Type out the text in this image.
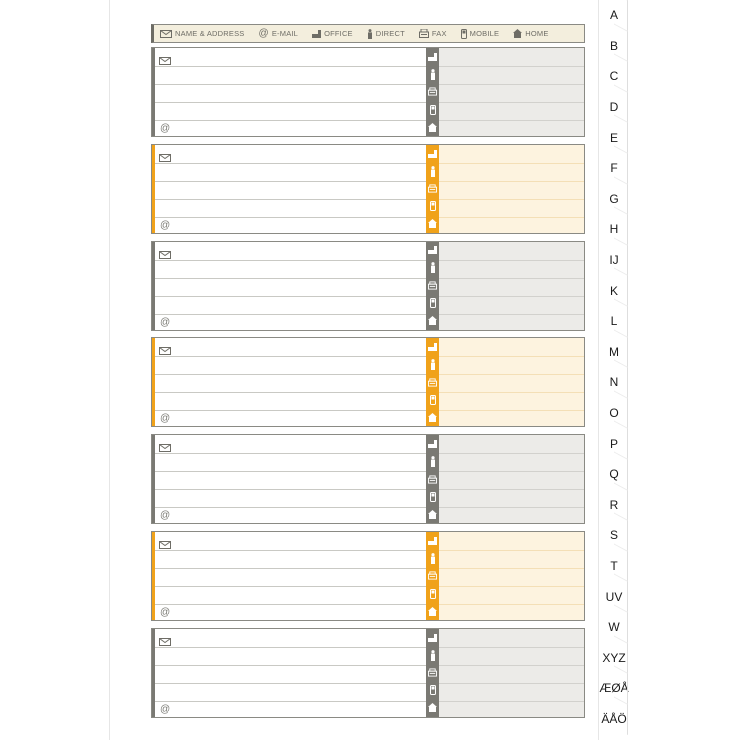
NAME & ADDRESS @ E-MAIL	OFFICE	DIRECT	FAX	MOBILE	HOME
@
@
@
@
@
@
@
A
B
C
D
E
F
G
H
IJ
K
L
M
N
O
P
Q
R
S
T
UV
W
XYZ
ÆØÅ
ÄÅÖ
